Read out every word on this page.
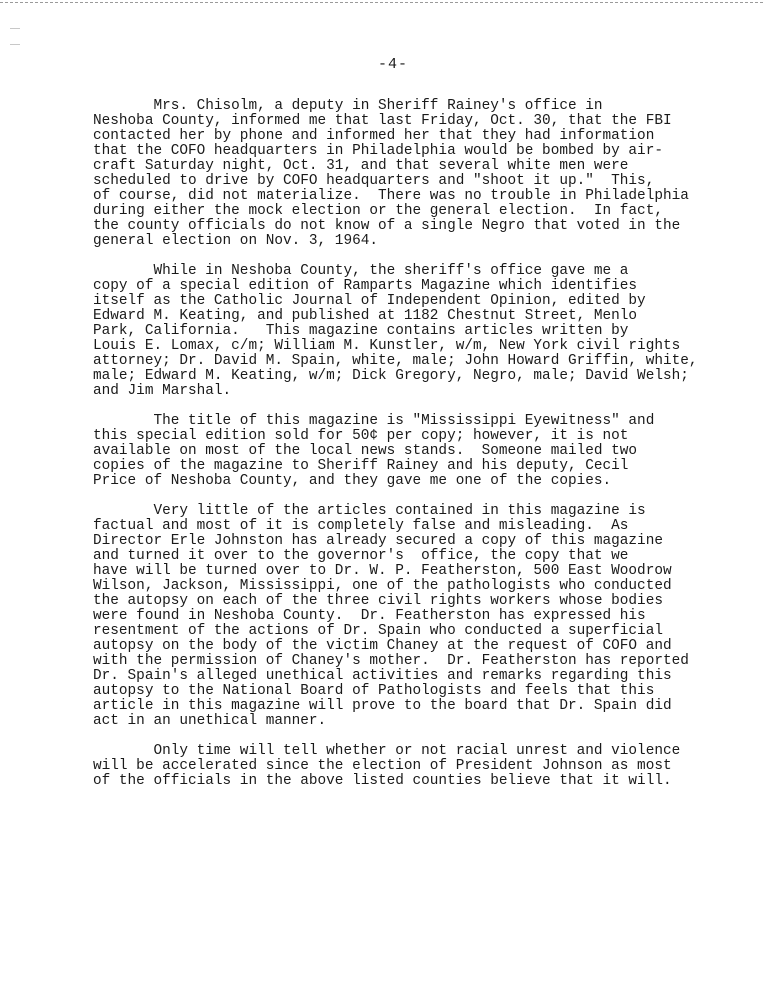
-4-

Mrs. Chisolm, a deputy in Sheriff Rainey's office in
Neshoba County, informed me that last Friday, Oct. 30, that the FBI
contacted her by phone and informed her that they had information
that the COFO headquarters in Philadelphia would be bombed by air-
craft Saturday night, Oct. 31, and that several white men were
scheduled to drive by COFO headquarters and "shoot it up."  This,
of course, did not materialize.  There was no trouble in Philadelphia
during either the mock election or the general election.  In fact,
the county officials do not know of a single Negro that voted in the
general election on Nov. 3, 1964.

While in Neshoba County, the sheriff's office gave me a
copy of a special edition of Ramparts Magazine which identifies
itself as the Catholic Journal of Independent Opinion, edited by
Edward M. Keating, and published at 1182 Chestnut Street, Menlo
Park, California.   This magazine contains articles written by
Louis E. Lomax, c/m; William M. Kunstler, w/m, New York civil rights
attorney; Dr. David M. Spain, white, male; John Howard Griffin, white,
male; Edward M. Keating, w/m; Dick Gregory, Negro, male; David Welsh;
and Jim Marshal.

The title of this magazine is "Mississippi Eyewitness" and
this special edition sold for 50¢ per copy; however, it is not
available on most of the local news stands.  Someone mailed two
copies of the magazine to Sheriff Rainey and his deputy, Cecil
Price of Neshoba County, and they gave me one of the copies.

Very little of the articles contained in this magazine is
factual and most of it is completely false and misleading.  As
Director Erle Johnston has already secured a copy of this magazine
and turned it over to the governor's  office, the copy that we
have will be turned over to Dr. W. P. Featherston, 500 East Woodrow
Wilson, Jackson, Mississippi, one of the pathologists who conducted
the autopsy on each of the three civil rights workers whose bodies
were found in Neshoba County.  Dr. Featherston has expressed his
resentment of the actions of Dr. Spain who conducted a superficial
autopsy on the body of the victim Chaney at the request of COFO and
with the permission of Chaney's mother.  Dr. Featherston has reported
Dr. Spain's alleged unethical activities and remarks regarding this
autopsy to the National Board of Pathologists and feels that this
article in this magazine will prove to the board that Dr. Spain did
act in an unethical manner.

Only time will tell whether or not racial unrest and violence
will be accelerated since the election of President Johnson as most
of the officials in the above listed counties believe that it will.
